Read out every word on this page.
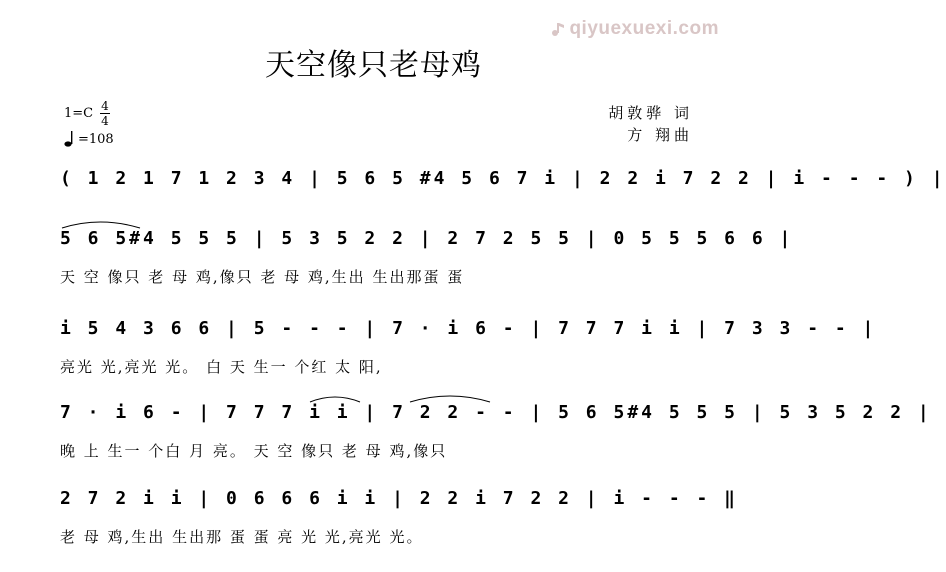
qiyuexuexi.com
天空像只老母鸡
1=C 4
4
=108
胡敦骅 词
方 翔曲
( 1 2 1 7 1 2 3 4 | 5 6 5 #4 5 6 7 i | 2 2 i 7 2 2 | i - - - ) |
5 6 5#4 5 5 5 | 5 3 5 2 2 | 2 7 2 5 5 | 0 5 5 5 6 6 |
天 空 像只 老 母 鸡,像只 老 母 鸡,生出 生出那蛋 蛋
i 5 4 3 6 6 | 5 - - - | 7 · i 6 - | 7 7 7 i i | 7 3 3 - - |
亮光 光,亮光 光。 白 天 生一 个红 太 阳,
7 · i 6 - | 7 7 7 i i | 7 2 2 - - | 5 6 5#4 5 5 5 | 5 3 5 2 2 |
晚 上 生一 个白 月 亮。 天 空 像只 老 母 鸡,像只
2 7 2 i i | 0 6 6 6 i i | 2 2 i 7 2 2 | i - - - ‖
老 母 鸡,生出 生出那 蛋 蛋 亮 光 光,亮光 光。
